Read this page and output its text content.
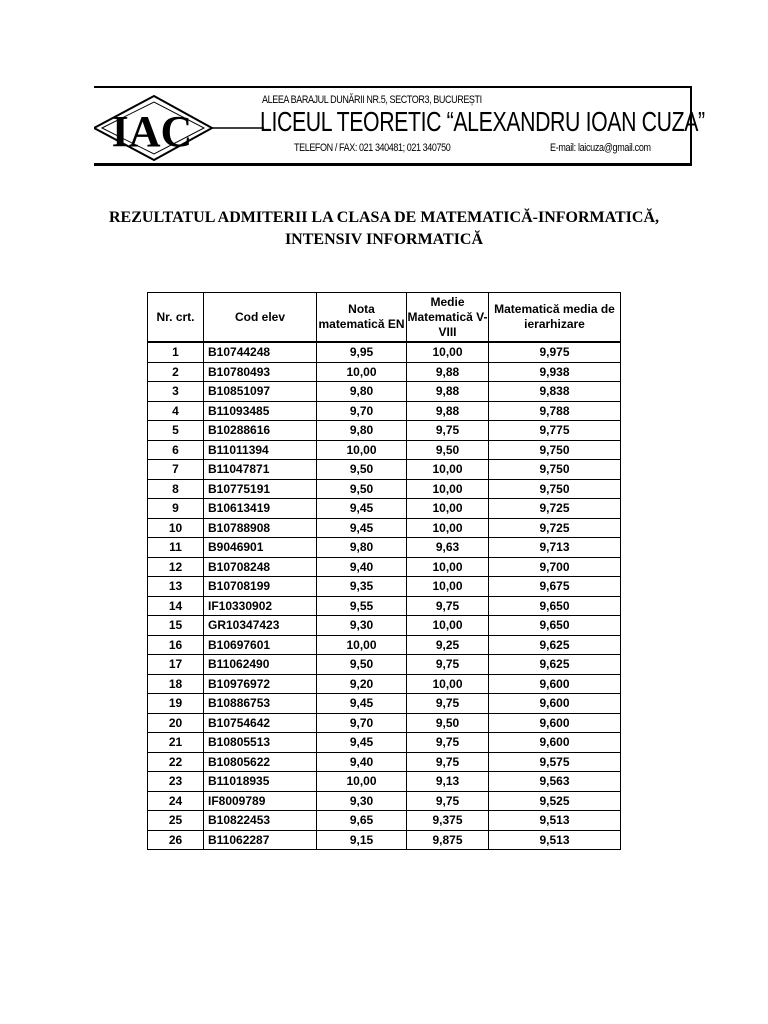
IAC
ALEEA BARAJUL DUNĂRII NR.5, SECTOR3, BUCUREȘTI
LICEUL TEORETIC “ALEXANDRU IOAN CUZA”
TELEFON / FAX: 021 340481; 021 340750	E-mail: laicuza@gmail.com
REZULTATUL ADMITERII LA CLASA DE MATEMATICĂ-INFORMATICĂ,
INTENSIV INFORMATICĂ
Nr. crt.	Cod elev	Nota matematică EN	Medie Matematică V-VIII	Matematică media de ierarhizare
1	B10744248	9,95	10,00	9,975
2	B10780493	10,00	9,88	9,938
3	B10851097	9,80	9,88	9,838
4	B11093485	9,70	9,88	9,788
5	B10288616	9,80	9,75	9,775
6	B11011394	10,00	9,50	9,750
7	B11047871	9,50	10,00	9,750
8	B10775191	9,50	10,00	9,750
9	B10613419	9,45	10,00	9,725
10	B10788908	9,45	10,00	9,725
11	B9046901	9,80	9,63	9,713
12	B10708248	9,40	10,00	9,700
13	B10708199	9,35	10,00	9,675
14	IF10330902	9,55	9,75	9,650
15	GR10347423	9,30	10,00	9,650
16	B10697601	10,00	9,25	9,625
17	B11062490	9,50	9,75	9,625
18	B10976972	9,20	10,00	9,600
19	B10886753	9,45	9,75	9,600
20	B10754642	9,70	9,50	9,600
21	B10805513	9,45	9,75	9,600
22	B10805622	9,40	9,75	9,575
23	B11018935	10,00	9,13	9,563
24	IF8009789	9,30	9,75	9,525
25	B10822453	9,65	9,375	9,513
26	B11062287	9,15	9,875	9,513
